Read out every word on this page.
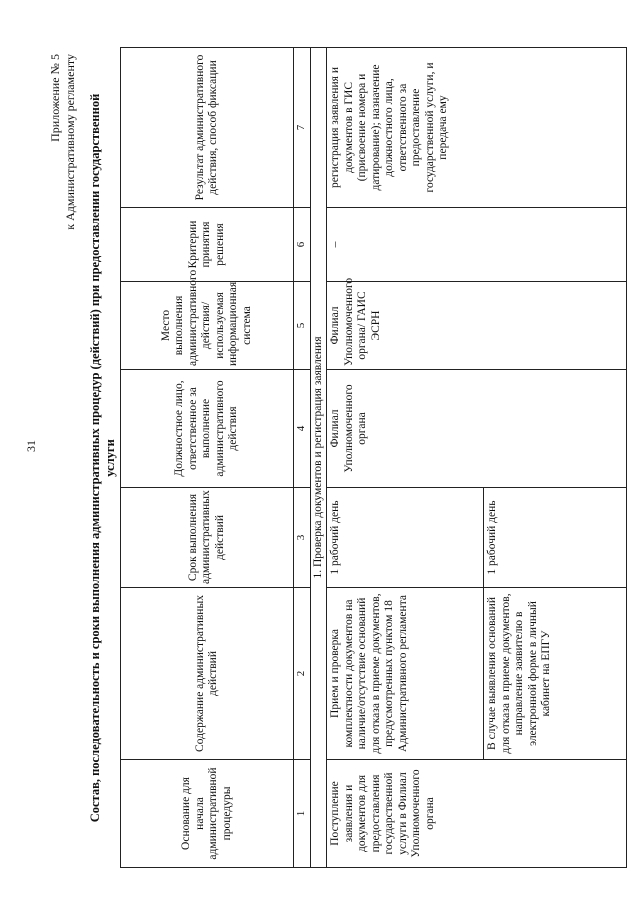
31
Приложение № 5 к Административному регламенту Состав, последовательность и сроки выполнения административных процедур (действий) при предоставлении государственной услуги
Основание для начала административной процедуры	Содержание административных действий	Срок выполнения административных действий	Должностное лицо, ответственное за выполнение административного действия	Место выполнения административного действия/ используемая информационная система	Критерии принятия решения	Результат административного действия, способ фиксации
1	2	3	4	5	6	7
1. Проверка документов и регистрация заявления						
Поступление заявления и документов для предоставления государственной услуги в Филиал Уполномоченного органа	Прием и проверка комплектности документов на наличие/отсутствие оснований для отказа в приеме документов, предусмотренных пунктом 18 Административного регламента	1 рабочий день	Филиал Уполномоченного органа	Филиал Уполномоченного органа/ ГАИС ЭСРН	–	регистрация заявления и документов в ГИС (присвоение номера и датирование); назначение должностного лица, ответственного за предоставление государственной услуги, и передача ему
	В случае выявления оснований для отказа в приеме документов, направление заявителю в электронной форме в личный кабинет на ЕПГУ	1 рабочий день				
